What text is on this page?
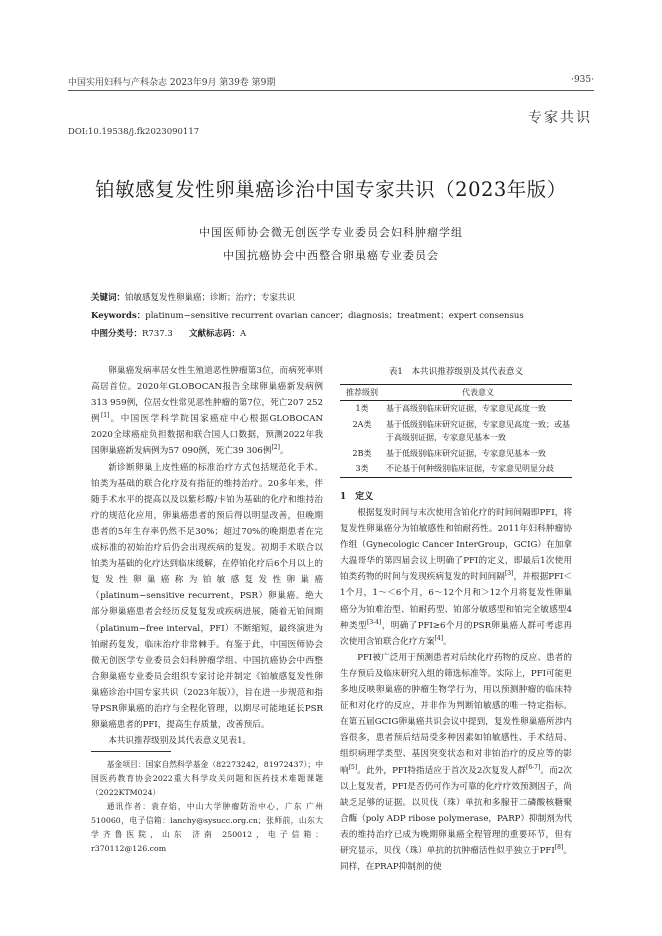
中国实用妇科与产科杂志 2023年9月 第39卷 第9期	·935·
专家共识
DOI:10.19538/j.fk2023090117
铂敏感复发性卵巢癌诊治中国专家共识（2023年版）
中国医师协会微无创医学专业委员会妇科肿瘤学组
中国抗癌协会中西整合卵巢癌专业委员会
关键词：铂敏感复发性卵巢癌；诊断；治疗；专家共识
Keywords：platinum−sensitive recurrent ovarian cancer；diagnosis；treatment；expert consensus
中图分类号：R737.3 文献标志码：A

卵巢癌发病率居女性生殖道恶性肿瘤第3位，而病死率则高居首位。2020年GLOBOCAN报告全球卵巢癌新发病例313 959例，位居女性常见恶性肿瘤的第7位，死亡207 252例[1]。中国医学科学院国家癌症中心根据GLOBOCAN 2020全球癌症负担数据和联合国人口数据，预测2022年我国卵巢癌新发病例为57 090例，死亡39 306例[2]。

新诊断卵巢上皮性癌的标准治疗方式包括规范化手术、铂类为基础的联合化疗及有指征的维持治疗。20多年来，伴随手术水平的提高以及以紫杉醇/卡铂为基础的化疗和维持治疗的规范化应用，卵巢癌患者的预后得以明显改善，但晚期患者的5年生存率仍然不足30%；超过70%的晚期患者在完成标准的初始治疗后仍会出现疾病的复发。初期手术联合以铂类为基础的化疗达到临床缓解，在停铂化疗后6个月以上的复发性卵巢癌称为铂敏感复发性卵巢癌（platinum−sensitive recurrent，PSR）卵巢癌。绝大部分卵巢癌患者会经历反复复发或疾病进展，随着无铂间期（platinum−free interval，PFI）不断缩短，最终演进为铂耐药复发，临床治疗非常棘手。有鉴于此，中国医师协会微无创医学专业委员会妇科肿瘤学组、中国抗癌协会中西整合卵巢癌专业委员会组织专家讨论并制定《铂敏感复发性卵巢癌诊治中国专家共识（2023年版）》，旨在进一步规范和指导PSR卵巢癌的治疗与全程化管理，以期尽可能地延长PSR卵巢癌患者的PFI，提高生存质量，改善预后。

本共识推荐级别及其代表意义见表1。

表1　本共识推荐级别及其代表意义
推荐级别	代表意义
1类	基于高级别临床研究证据，专家意见高度一致
2A类	基于低级别临床研究证据，专家意见高度一致；或基于高级别证据，专家意见基本一致
2B类	基于低级别临床研究证据，专家意见基本一致
3类	不论基于何种级别临床证据，专家意见明显分歧
1　定义

根据复发时间与末次使用含铂化疗的时间间隔即PFI，将复发性卵巢癌分为铂敏感性和铂耐药性。2011年妇科肿瘤协作组（Gynecologic Cancer InterGroup，GCIG）在加拿大温哥华的第四届会议上明确了PFI的定义，即最后1次使用铂类药物的时间与发现疾病复发的时间间隔[3]，并根据PFI＜1个月，1～＜6个月，6～12个月和＞12个月将复发性卵巢癌分为铂难治型、铂耐药型、铂部分敏感型和铂完全敏感型4种类型[3-4]，明确了PFI≥6个月的PSR卵巢癌人群可考虑再次使用含铂联合化疗方案[4]。

PFI被广泛用于预测患者对后续化疗药物的反应、患者的生存预后及临床研究入组的筛选标准等。实际上，PFI可能更多地反映卵巢癌的肿瘤生物学行为，用以预测肿瘤的临床特征和对化疗的反应，并非作为判断铂敏感的唯一特定指标。在第五届GCIG卵巢癌共识会议中提到，复发性卵巢癌所涉内容很多，患者预后结局受多种因素如铂敏感性、手术结局、组织病理学类型、基因突变状态和对非铂治疗的反应等的影响[5]。此外，PFI特指适应于首次及2次复发人群[6-7]。而2次以上复发者，PFI是否仍可作为可靠的化疗疗效预测因子，尚缺乏足够的证据。以贝伐（珠）单抗和多腺苷二磷酸核糖聚合酶（poly ADP ribose polymerase，PARP）抑制剂为代表的维持治疗已成为晚期卵巢癌全程管理的重要环节，但有研究显示，贝伐（珠）单抗的抗肿瘤活性似乎独立于PFI[8]。同样，在PRAP抑制剂的使

基金项目：国家自然科学基金（82273242，81972437）；中国医药教育协会2022重大科学攻关问题和医药技术难题课题（2022KTM024）

通讯作者：袁存焰，中山大学肿瘤防治中心，广东 广州 510060，电子信箱：lanchy@sysucc.org.cn；张师前，山东大学齐鲁医院，山东 济南 250012，电子信箱：r370112@126.com
